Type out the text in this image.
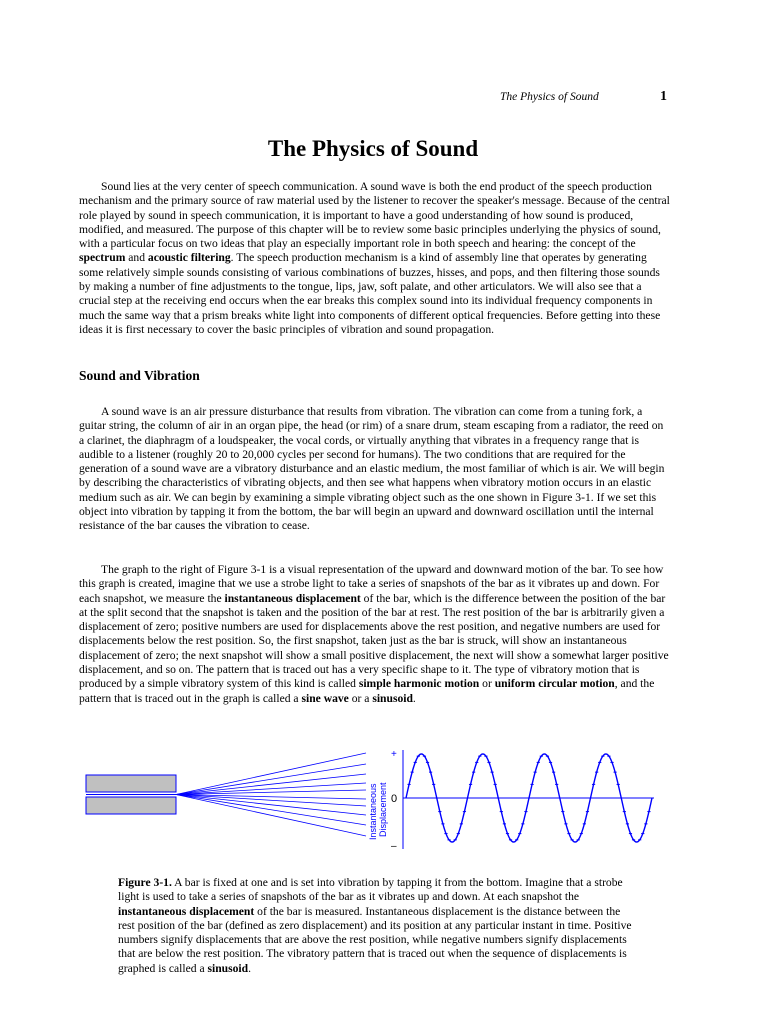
The Physics of Sound	1
The Physics of Sound

Sound lies at the very center of speech communication. A sound wave is both the end product of the speech production mechanism and the primary source of raw material used by the listener to recover the speaker's message. Because of the central role played by sound in speech communication, it is important to have a good understanding of how sound is produced, modified, and measured. The purpose of this chapter will be to review some basic principles underlying the physics of sound, with a particular focus on two ideas that play an especially important role in both speech and hearing: the concept of the spectrum and acoustic filtering. The speech production mechanism is a kind of assembly line that operates by generating some relatively simple sounds consisting of various combinations of buzzes, hisses, and pops, and then filtering those sounds by making a number of fine adjustments to the tongue, lips, jaw, soft palate, and other articulators. We will also see that a crucial step at the receiving end occurs when the ear breaks this complex sound into its individual frequency components in much the same way that a prism breaks white light into components of different optical frequencies. Before getting into these ideas it is first necessary to cover the basic principles of vibration and sound propagation.

Sound and Vibration

A sound wave is an air pressure disturbance that results from vibration. The vibration can come from a tuning fork, a guitar string, the column of air in an organ pipe, the head (or rim) of a snare drum, steam escaping from a radiator, the reed on a clarinet, the diaphragm of a loudspeaker, the vocal cords, or virtually anything that vibrates in a frequency range that is audible to a listener (roughly 20 to 20,000 cycles per second for humans). The two conditions that are required for the generation of a sound wave are a vibratory disturbance and an elastic medium, the most familiar of which is air. We will begin by describing the characteristics of vibrating objects, and then see what happens when vibratory motion occurs in an elastic medium such as air. We can begin by examining a simple vibrating object such as the one shown in Figure 3-1. If we set this object into vibration by tapping it from the bottom, the bar will begin an upward and downward oscillation until the internal resistance of the bar causes the vibration to cease.

The graph to the right of Figure 3-1 is a visual representation of the upward and downward motion of the bar. To see how this graph is created, imagine that we use a strobe light to take a series of snapshots of the bar as it vibrates up and down. For each snapshot, we measure the instantaneous displacement of the bar, which is the difference between the position of the bar at the split second that the snapshot is taken and the position of the bar at rest. The rest position of the bar is arbitrarily given a displacement of zero; positive numbers are used for displacements above the rest position, and negative numbers are used for displacements below the rest position. So, the first snapshot, taken just as the bar is struck, will show an instantaneous displacement of zero; the next snapshot will show a small positive displacement, the next will show a somewhat larger positive displacement, and so on. The pattern that is traced out has a very specific shape to it. The type of vibratory motion that is produced by a simple vibratory system of this kind is called simple harmonic motion or uniform circular motion, and the pattern that is traced out in the graph is called a sine wave or a sinusoid.

Instantaneous Displacement
+
0
–

Figure 3-1. A bar is fixed at one and is set into vibration by tapping it from the bottom. Imagine that a strobe light is used to take a series of snapshots of the bar as it vibrates up and down. At each snapshot the instantaneous displacement of the bar is measured. Instantaneous displacement is the distance between the rest position of the bar (defined as zero displacement) and its position at any particular instant in time. Positive numbers signify displacements that are above the rest position, while negative numbers signify displacements that are below the rest position. The vibratory pattern that is traced out when the sequence of displacements is graphed is called a sinusoid.
